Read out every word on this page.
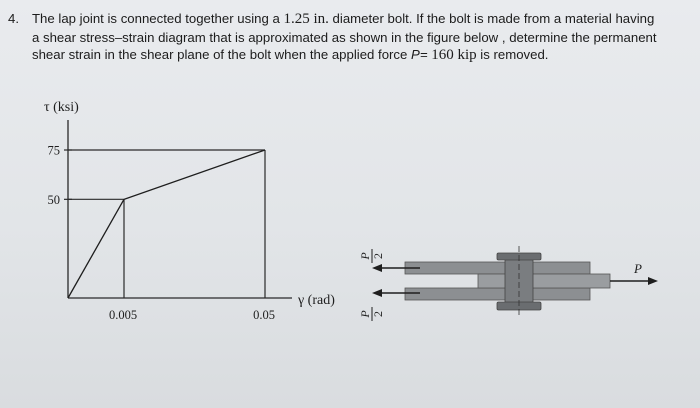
4. The lap joint is connected together using a 1.25 in. diameter bolt. If the bolt is made from a material having a shear stress–strain diagram that is approximated as shown in the figure below , determine the permanent shear strain in the shear plane of the bolt when the applied force P= 160 kip is removed.
τ (ksi)
γ (rad)
50
75
0.005	0.05
P
P 2
P 2
